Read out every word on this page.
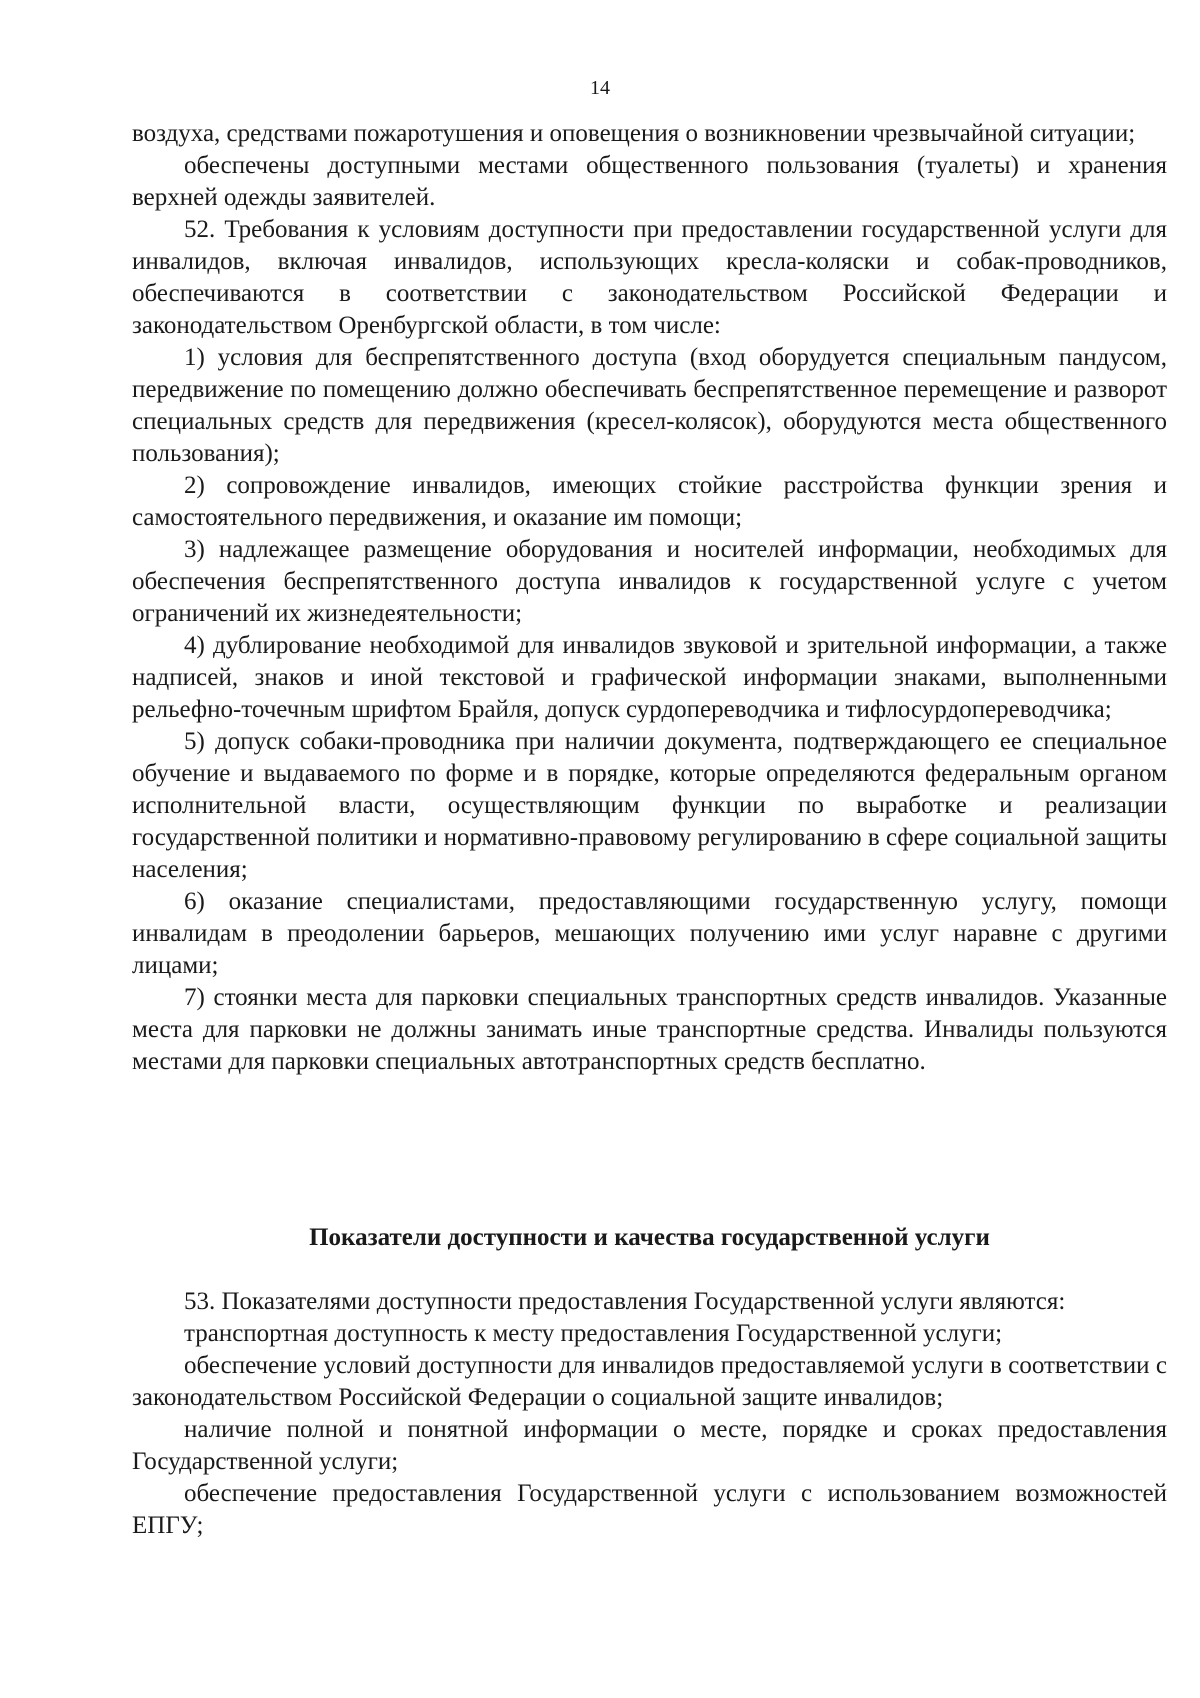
14

воздуха, средствами пожаротушения и оповещения о возникновении чрезвычайной ситуации;

обеспечены доступными местами общественного пользования (туалеты) и хранения верхней одежды заявителей.

52. Требования к условиям доступности при предоставлении государственной услуги для инвалидов, включая инвалидов, использующих кресла-коляски и собак-проводников, обеспечиваются в соответствии с законодательством Российской Федерации и законодательством Оренбургской области, в том числе:

1) условия для беспрепятственного доступа (вход оборудуется специальным пандусом, передвижение по помещению должно обеспечивать беспрепятственное перемещение и разворот специальных средств для передвижения (кресел-колясок), оборудуются места общественного пользования);

2) сопровождение инвалидов, имеющих стойкие расстройства функции зрения и самостоятельного передвижения, и оказание им помощи;

3) надлежащее размещение оборудования и носителей информации, необходимых для обеспечения беспрепятственного доступа инвалидов к государственной услуге с учетом ограничений их жизнедеятельности;

4) дублирование необходимой для инвалидов звуковой и зрительной информации, а также надписей, знаков и иной текстовой и графической информации знаками, выполненными рельефно-точечным шрифтом Брайля, допуск сурдопереводчика и тифлосурдопереводчика;

5) допуск собаки-проводника при наличии документа, подтверждающего ее специальное обучение и выдаваемого по форме и в порядке, которые определяются федеральным органом исполнительной власти, осуществляющим функции по выработке и реализации государственной политики и нормативно-правовому регулированию в сфере социальной защиты населения;

6) оказание специалистами, предоставляющими государственную услугу, помощи инвалидам в преодолении барьеров, мешающих получению ими услуг наравне с другими лицами;

7) стоянки места для парковки специальных транспортных средств инвалидов. Указанные места для парковки не должны занимать иные транспортные средства. Инвалиды пользуются местами для парковки специальных автотранспортных средств бесплатно.

Показатели доступности и качества государственной услуги

53. Показателями доступности предоставления Государственной услуги являются:

транспортная доступность к месту предоставления Государственной услуги;

обеспечение условий доступности для инвалидов предоставляемой услуги в соответствии с законодательством Российской Федерации о социальной защите инвалидов;

наличие полной и понятной информации о месте, порядке и сроках предоставления Государственной услуги;

обеспечение предоставления Государственной услуги с использованием возможностей ЕПГУ;
